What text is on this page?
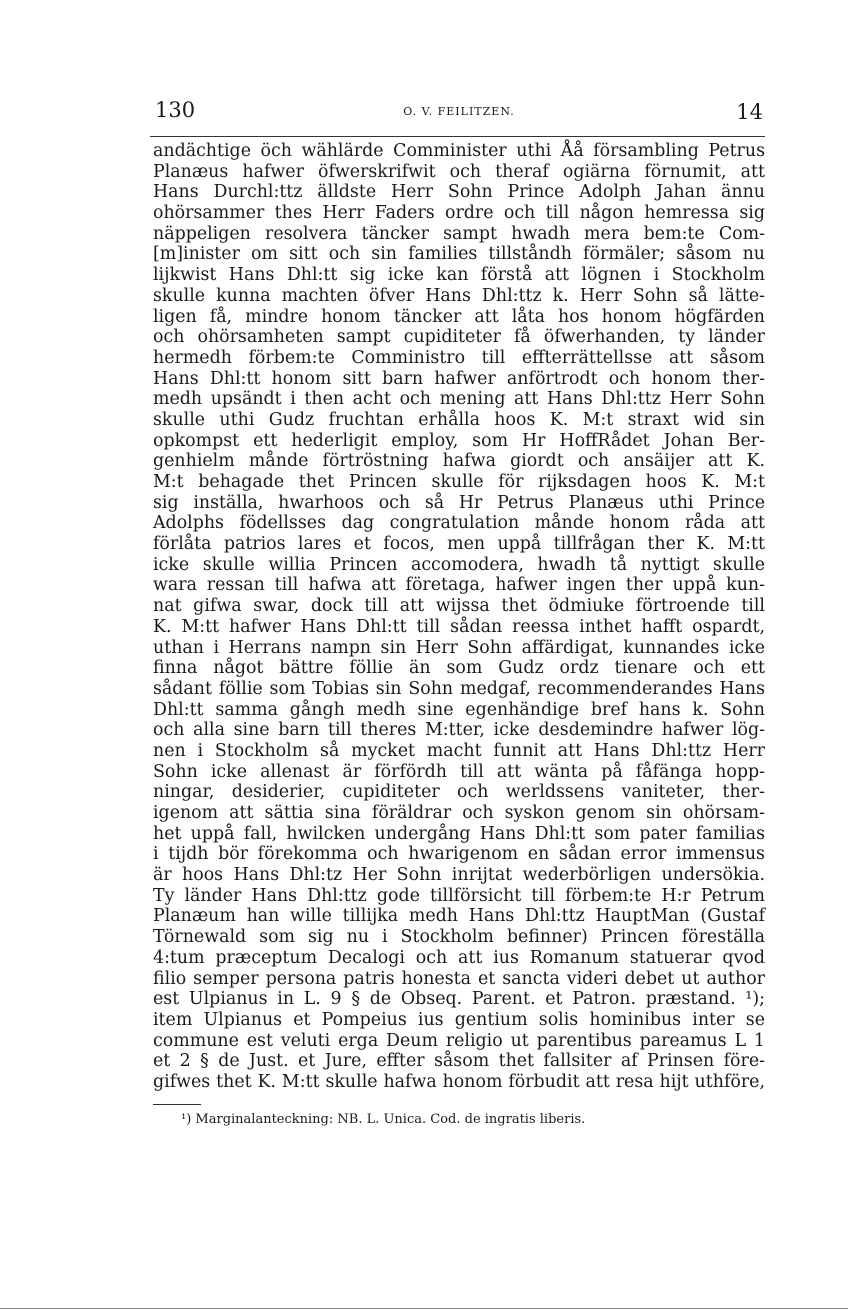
130	O. V. FEILITZEN.	14
andächtige öch wählärde Comminister uthi Åå försambling Petrus
Planæus hafwer öfwerskrifwit och theraf ogiärna förnumit, att
Hans Durchl:ttz älldste Herr Sohn Prince Adolph Jahan ännu
ohörsammer thes Herr Faders ordre och till någon hemressa sig
näppeligen resolvera täncker sampt hwadh mera bem:te Com-
[m]inister om sitt och sin families tillståndh förmäler; såsom nu
lijkwist Hans Dhl:tt sig icke kan förstå att lögnen i Stockholm
skulle kunna machten öfver Hans Dhl:ttz k. Herr Sohn så lätte-
ligen få, mindre honom täncker att låta hos honom högfärden
och ohörsamheten sampt cupiditeter få öfwerhanden, ty länder
hermedh förbem:te Comministro till effterrättellsse att såsom
Hans Dhl:tt honom sitt barn hafwer anförtrodt och honom ther-
medh upsändt i then acht och mening att Hans Dhl:ttz Herr Sohn
skulle uthi Gudz fruchtan erhålla hoos K. M:t straxt wid sin
opkompst ett hederligit employ, som Hr HoffRådet Johan Ber-
genhielm månde förtröstning hafwa giordt och ansäijer att K.
M:t behagade thet Princen skulle för rijksdagen hoos K. M:t
sig inställa, hwarhoos och så Hr Petrus Planæus uthi Prince
Adolphs födellsses dag congratulation månde honom råda att
förlåta patrios lares et focos, men uppå tillfrågan ther K. M:tt
icke skulle willia Princen accomodera, hwadh tå nyttigt skulle
wara ressan till hafwa att företaga, hafwer ingen ther uppå kun-
nat gifwa swar, dock till att wijssa thet ödmiuke förtroende till
K. M:tt hafwer Hans Dhl:tt till sådan reessa inthet hafft ospardt,
uthan i Herrans nampn sin Herr Sohn affärdigat, kunnandes icke
finna något bättre föllie än som Gudz ordz tienare och ett
sådant föllie som Tobias sin Sohn medgaf, recommenderandes Hans
Dhl:tt samma gångh medh sine egenhändige bref hans k. Sohn
och alla sine barn till theres M:tter, icke desdemindre hafwer lög-
nen i Stockholm så mycket macht funnit att Hans Dhl:ttz Herr
Sohn icke allenast är förfördh till att wänta på fåfänga hopp-
ningar, desiderier, cupiditeter och werldssens vaniteter, ther-
igenom att sättia sina föräldrar och syskon genom sin ohörsam-
het uppå fall, hwilcken undergång Hans Dhl:tt som pater familias
i tijdh bör förekomma och hwarigenom en sådan error immensus
är hoos Hans Dhl:tz Her Sohn inrijtat wederbörligen undersökia.
Ty länder Hans Dhl:ttz gode tillförsicht till förbem:te H:r Petrum
Planæum han wille tillijka medh Hans Dhl:ttz HauptMan (Gustaf
Törnewald som sig nu i Stockholm befinner) Princen föreställa
4:tum præceptum Decalogi och att ius Romanum statuerar qvod
filio semper persona patris honesta et sancta videri debet ut author
est Ulpianus in L. 9 § de Obseq. Parent. et Patron. præstand. ¹);
item Ulpianus et Pompeius ius gentium solis hominibus inter se
commune est veluti erga Deum religio ut parentibus pareamus L 1
et 2 § de Just. et Jure, effter såsom thet fallsiter af Prinsen före-
gifwes thet K. M:tt skulle hafwa honom förbudit att resa hijt uthföre,
¹) Marginalanteckning: NB. L. Unica. Cod. de ingratis liberis.
